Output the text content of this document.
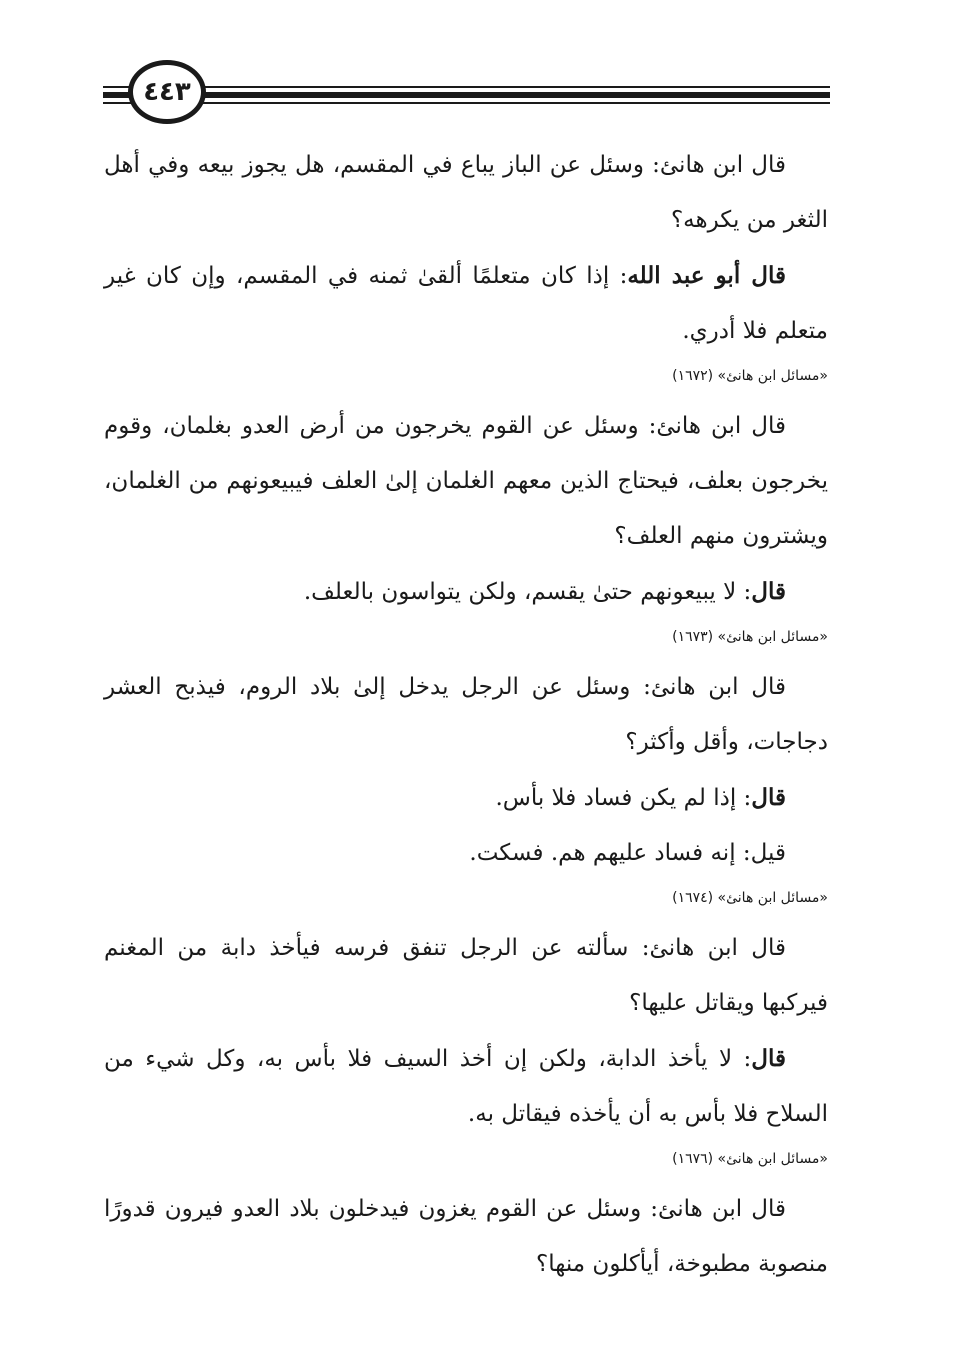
٤٤٣

قال ابن هانئ: وسئل عن الباز يباع في المقسم، هل يجوز بيعه وفي أهل الثغر من يكرهه؟

قال أبو عبد الله: إذا كان متعلمًا ألقىٰ ثمنه في المقسم، وإن كان غير متعلم فلا أدري.

«مسائل ابن هانئ» (١٦٧٢)

قال ابن هانئ: وسئل عن القوم يخرجون من أرض العدو بغلمان، وقوم يخرجون بعلف، فيحتاج الذين معهم الغلمان إلىٰ العلف فيبيعونهم من الغلمان، ويشترون منهم العلف؟

قال: لا يبيعونهم حتىٰ يقسم، ولكن يتواسون بالعلف.

«مسائل ابن هانئ» (١٦٧٣)

قال ابن هانئ: وسئل عن الرجل يدخل إلىٰ بلاد الروم، فيذبح العشر دجاجات، وأقل وأكثر؟

قال: إذا لم يكن فساد فلا بأس.

قيل: إنه فساد عليهم هم. فسكت.

«مسائل ابن هانئ» (١٦٧٤)

قال ابن هانئ: سألته عن الرجل تنفق فرسه فيأخذ دابة من المغنم فيركبها ويقاتل عليها؟

قال: لا يأخذ الدابة، ولكن إن أخذ السيف فلا بأس به، وكل شيء من السلاح فلا بأس به أن يأخذه فيقاتل به.

«مسائل ابن هانئ» (١٦٧٦)

قال ابن هانئ: وسئل عن القوم يغزون فيدخلون بلاد العدو فيرون قدورًا منصوبة مطبوخة، أيأكلون منها؟
